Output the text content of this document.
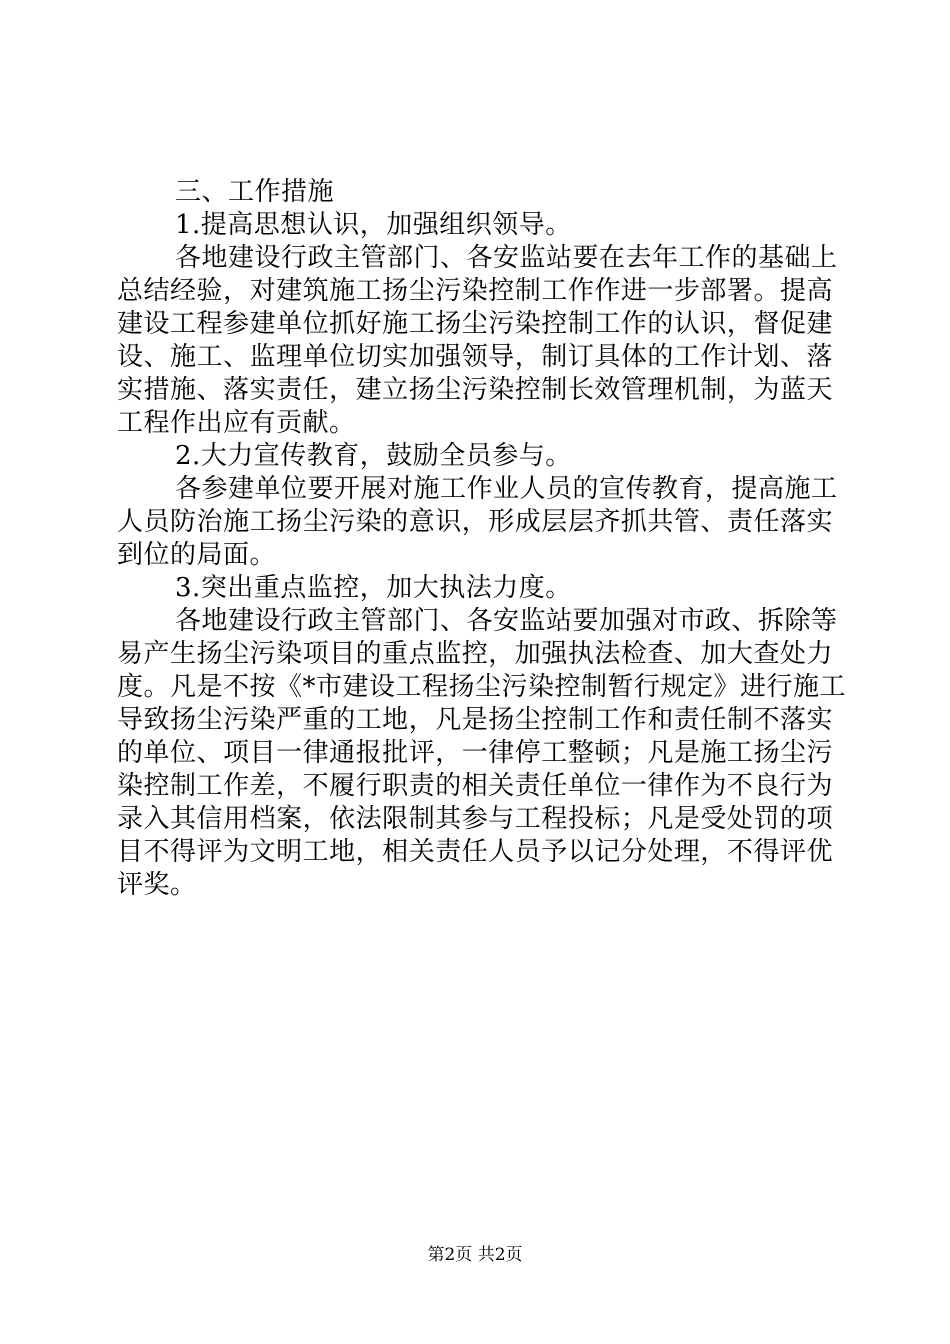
三、工作措施
1.提高思想认识，加强组织领导。
各地建设行政主管部门、各安监站要在去年工作的基础上
总结经验，对建筑施工扬尘污染控制工作作进一步部署。提高
建设工程参建单位抓好施工扬尘污染控制工作的认识，督促建
设、施工、监理单位切实加强领导，制订具体的工作计划、落
实措施、落实责任，建立扬尘污染控制长效管理机制，为蓝天
工程作出应有贡献。
2.大力宣传教育，鼓励全员参与。
各参建单位要开展对施工作业人员的宣传教育，提高施工
人员防治施工扬尘污染的意识，形成层层齐抓共管、责任落实
到位的局面。
3.突出重点监控，加大执法力度。
各地建设行政主管部门、各安监站要加强对市政、拆除等
易产生扬尘污染项目的重点监控，加强执法检查、加大查处力
度。凡是不按《*市建设工程扬尘污染控制暂行规定》进行施工
导致扬尘污染严重的工地，凡是扬尘控制工作和责任制不落实
的单位、项目一律通报批评，一律停工整顿；凡是施工扬尘污
染控制工作差，不履行职责的相关责任单位一律作为不良行为
录入其信用档案，依法限制其参与工程投标；凡是受处罚的项
目不得评为文明工地，相关责任人员予以记分处理，不得评优
评奖。
第2页 共2页
